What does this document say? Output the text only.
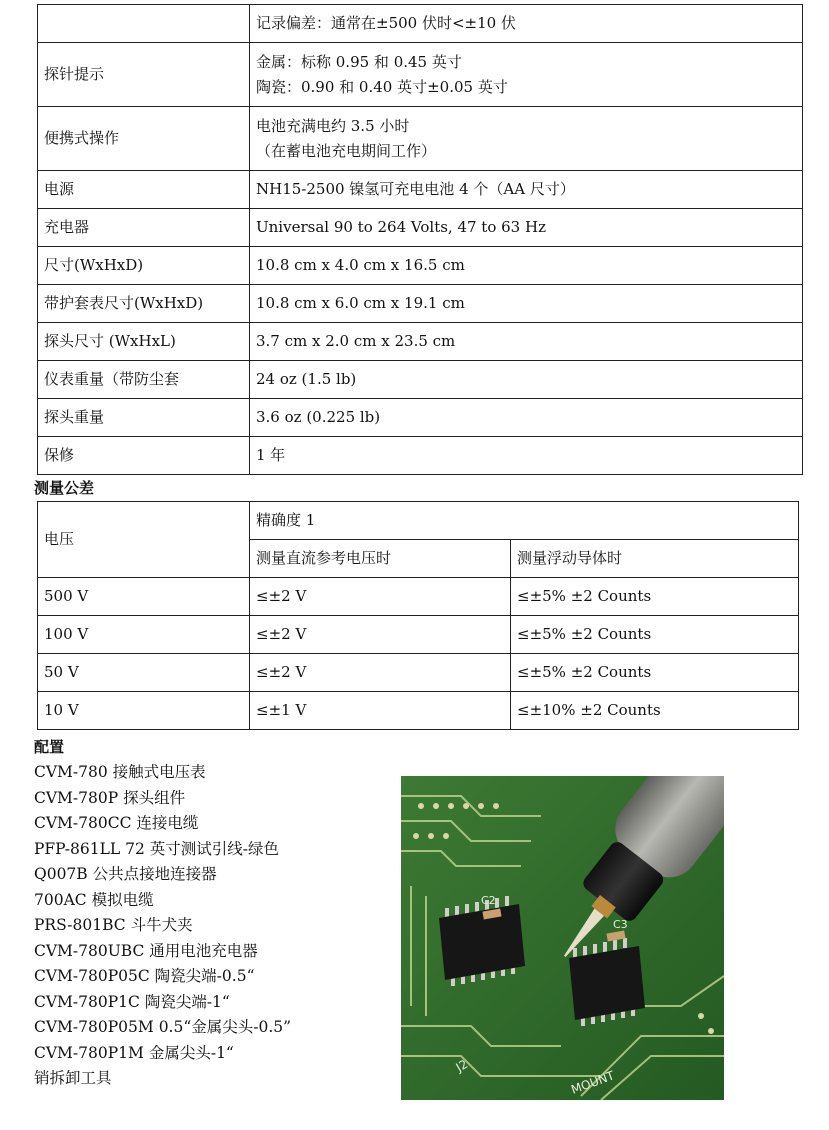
	记录偏差：通常在±500 伏时<±10 伏

探针提示	金属：标称 0.95 和 0.45 英寸
陶瓷：0.90 和 0.40 英寸±0.05 英寸

便携式操作	电池充满电约 3.5 小时
（在蓄电池充电期间工作）

电源	NH15-2500 镍氢可充电电池 4 个（AA 尺寸）

充电器	Universal 90 to 264 Volts, 47 to 63 Hz

尺寸(WxHxD)	10.8 cm x 4.0 cm x 16.5 cm

带护套表尺寸(WxHxD)	10.8 cm x 6.0 cm x 19.1 cm

探头尺寸 (WxHxL)	3.7 cm x 2.0 cm x 23.5 cm

仪表重量（带防尘套	24 oz (1.5 lb)

探头重量	3.6 oz (0.225 lb)

保修	1 年
测量公差
电压	精确度 1	
	测量直流参考电压时	测量浮动导体时
500 V	≤±2 V	≤±5% ±2 Counts
100 V	≤±2 V	≤±5% ±2 Counts
50 V	≤±2 V	≤±5% ±2 Counts
10 V	≤±1 V	≤±10% ±2 Counts
配置
CVM-780 接触式电压表
CVM-780P 探头组件
CVM-780CC 连接电缆
PFP-861LL 72 英寸测试引线-绿色
Q007B 公共点接地连接器
700AC 模拟电缆
PRS-801BC 斗牛犬夹
CVM-780UBC 通用电池充电器
CVM-780P05C 陶瓷尖端-0.5“
CVM-780P1C 陶瓷尖端-1“
CVM-780P05M 0.5“金属尖头-0.5”
CVM-780P1M 金属尖头-1“
销拆卸工具
C2
C3
J2
MOUNT
